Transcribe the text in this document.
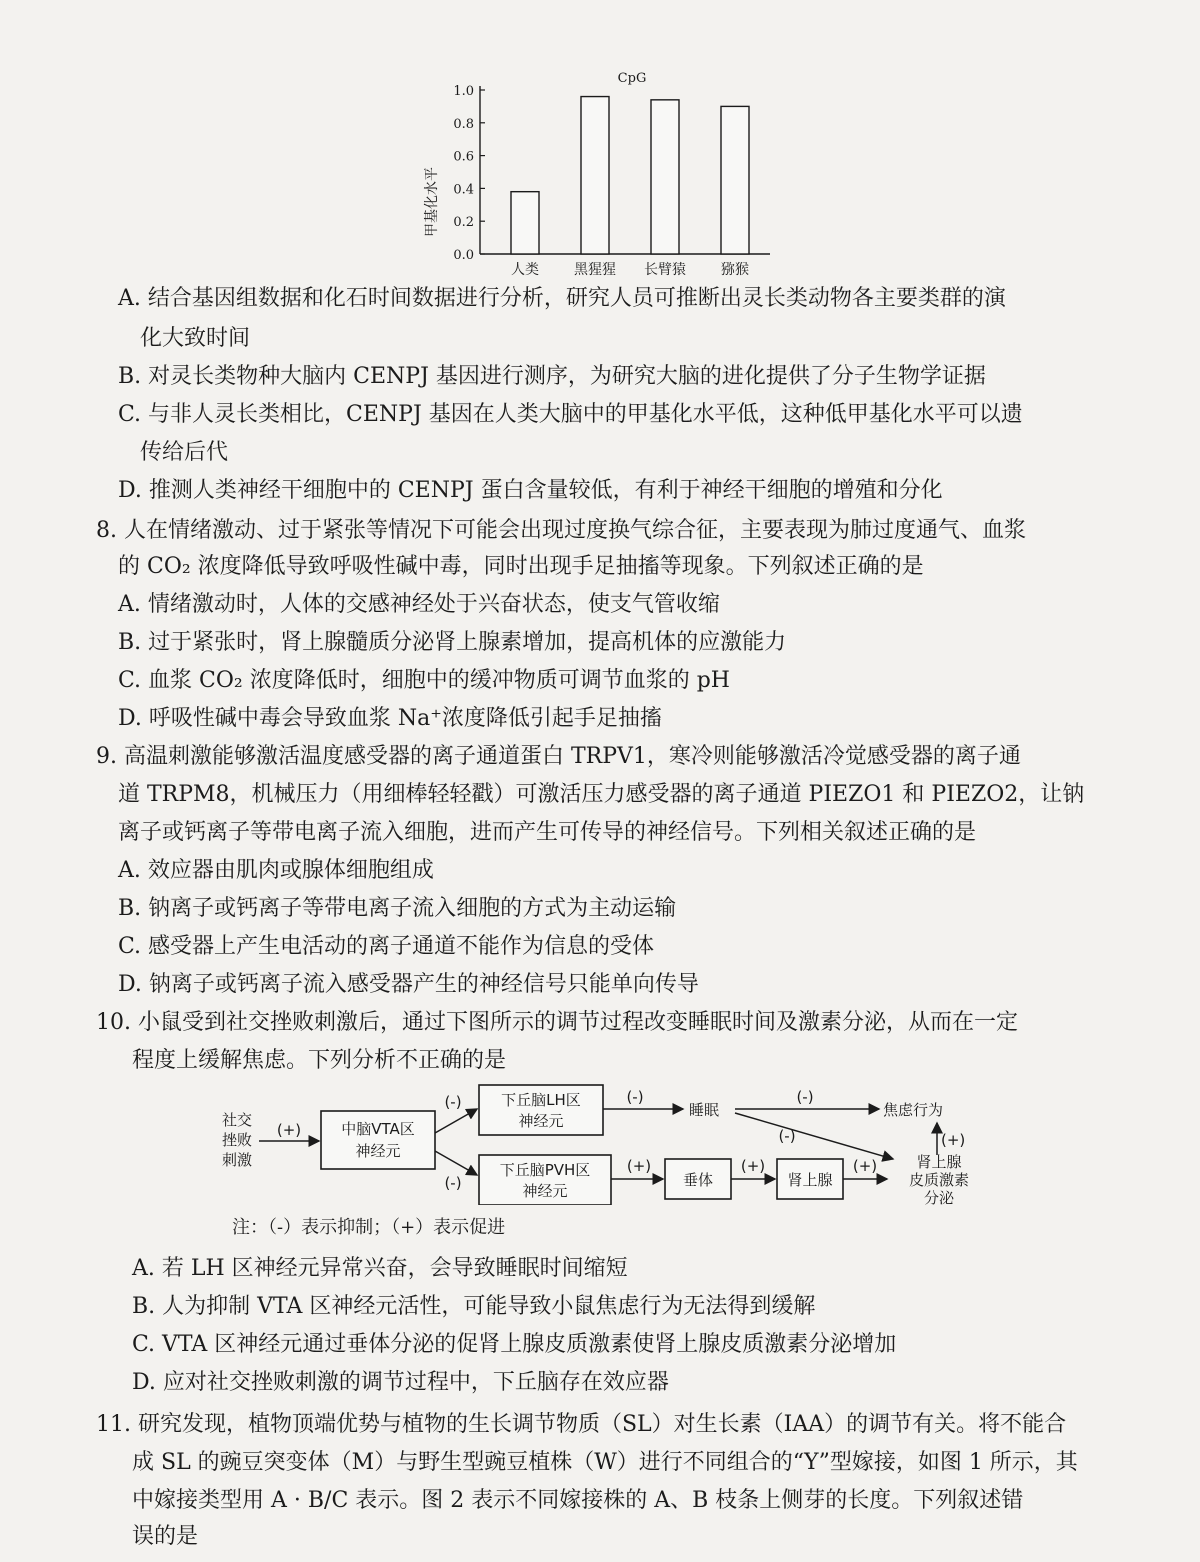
CpG
甲基化水平
0.0
0.2
0.4
0.6
0.8
1.0
人类	黑猩猩 长臂猿	猕猴
A. 结合基因组数据和化石时间数据进行分析，研究人员可推断出灵长类动物各主要类群的演
化大致时间
B. 对灵长类物种大脑内 CENPJ 基因进行测序，为研究大脑的进化提供了分子生物学证据
C. 与非人灵长类相比，CENPJ 基因在人类大脑中的甲基化水平低，这种低甲基化水平可以遗
传给后代
D. 推测人类神经干细胞中的 CENPJ 蛋白含量较低，有利于神经干细胞的增殖和分化
8. 人在情绪激动、过于紧张等情况下可能会出现过度换气综合征，主要表现为肺过度通气、血浆
的 CO₂ 浓度降低导致呼吸性碱中毒，同时出现手足抽搐等现象。下列叙述正确的是
A. 情绪激动时，人体的交感神经处于兴奋状态，使支气管收缩
B. 过于紧张时，肾上腺髓质分泌肾上腺素增加，提高机体的应激能力
C. 血浆 CO₂ 浓度降低时，细胞中的缓冲物质可调节血浆的 pH
D. 呼吸性碱中毒会导致血浆 Na⁺浓度降低引起手足抽搐
9. 高温刺激能够激活温度感受器的离子通道蛋白 TRPV1，寒冷则能够激活冷觉感受器的离子通
道 TRPM8，机械压力（用细棒轻轻戳）可激活压力感受器的离子通道 PIEZO1 和 PIEZO2，让钠
离子或钙离子等带电离子流入细胞，进而产生可传导的神经信号。下列相关叙述正确的是
A. 效应器由肌肉或腺体细胞组成
B. 钠离子或钙离子等带电离子流入细胞的方式为主动运输
C. 感受器上产生电活动的离子通道不能作为信息的受体
D. 钠离子或钙离子流入感受器产生的神经信号只能单向传导
10. 小鼠受到社交挫败刺激后，通过下图所示的调节过程改变睡眠时间及激素分泌，从而在一定
程度上缓解焦虑。下列分析不正确的是
社交
挫败
刺激
(+)	中脑VTA区
神经元
(-)
(-)
下丘脑LH区
神经元
(-)
睡眠
(-)
(-)
焦虑行为
(+)
下丘脑PVH区
神经元
(+)
垂体
(+)
肾上腺
(+)	肾上腺
皮质激素
分泌
注：（-）表示抑制；（+）表示促进
A. 若 LH 区神经元异常兴奋，会导致睡眠时间缩短
B. 人为抑制 VTA 区神经元活性，可能导致小鼠焦虑行为无法得到缓解
C. VTA 区神经元通过垂体分泌的促肾上腺皮质激素使肾上腺皮质激素分泌增加
D. 应对社交挫败刺激的调节过程中，下丘脑存在效应器
11. 研究发现，植物顶端优势与植物的生长调节物质（SL）对生长素（IAA）的调节有关。将不能合
成 SL 的豌豆突变体（M）与野生型豌豆植株（W）进行不同组合的“Y”型嫁接，如图 1 所示，其
中嫁接类型用 A · B/C 表示。图 2 表示不同嫁接株的 A、B 枝条上侧芽的长度。下列叙述错
误的是
